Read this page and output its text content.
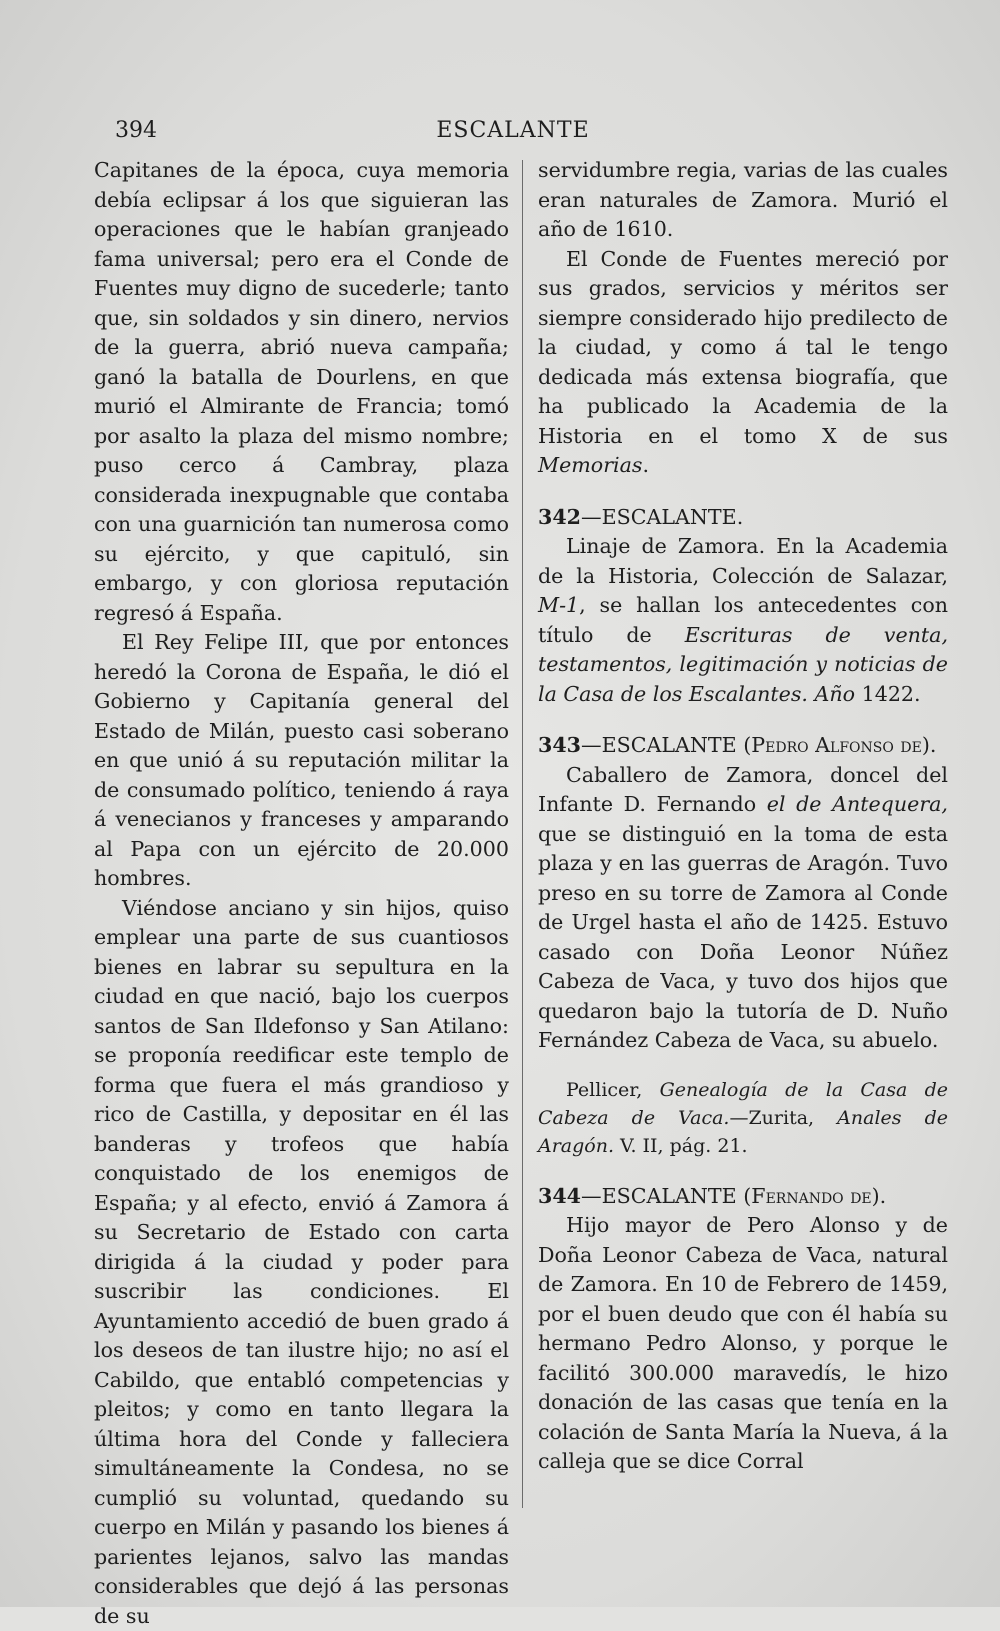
394	ESCALANTE

Capitanes de la época, cuya memoria debía eclipsar á los que siguieran las operaciones que le habían granjeado fama universal; pero era el Conde de Fuentes muy digno de sucederle; tanto que, sin soldados y sin dinero, nervios de la guerra, abrió nueva campaña; ganó la batalla de Dourlens, en que murió el Almirante de Francia; tomó por asalto la plaza del mismo nombre; puso cerco á Cambray, plaza considerada inexpugnable que contaba con una guarnición tan numerosa como su ejército, y que capituló, sin embargo, y con gloriosa reputación regresó á España.

El Rey Felipe III, que por entonces heredó la Corona de España, le dió el Gobierno y Capitanía general del Estado de Milán, puesto casi soberano en que unió á su reputación militar la de consumado político, teniendo á raya á venecianos y franceses y amparando al Papa con un ejército de 20.000 hombres.

Viéndose anciano y sin hijos, quiso emplear una parte de sus cuantiosos bienes en labrar su sepultura en la ciudad en que nació, bajo los cuerpos santos de San Ildefonso y San Atilano: se proponía reedificar este templo de forma que fuera el más grandioso y rico de Castilla, y depositar en él las banderas y trofeos que había conquistado de los enemigos de España; y al efecto, envió á Zamora á su Secretario de Estado con carta dirigida á la ciudad y poder para suscribir las condiciones. El Ayuntamiento accedió de buen grado á los deseos de tan ilustre hijo; no así el Cabildo, que entabló competencias y pleitos; y como en tanto llegara la última hora del Conde y falleciera simultáneamente la Condesa, no se cumplió su voluntad, quedando su cuerpo en Milán y pasando los bienes á parientes lejanos, salvo las mandas considerables que dejó á las personas de su

servidumbre regia, varias de las cuales eran naturales de Zamora. Murió el año de 1610.

El Conde de Fuentes mereció por sus grados, servicios y méritos ser siempre considerado hijo predilecto de la ciudad, y como á tal le tengo dedicada más extensa biografía, que ha publicado la Academia de la Historia en el tomo X de sus Memorias.

342—ESCALANTE.

Linaje de Zamora. En la Academia de la Historia, Colección de Salazar, M-1, se hallan los antecedentes con título de Escrituras de venta, testamentos, legitimación y noticias de la Casa de los Escalantes. Año 1422.

343—ESCALANTE (Pedro Alfonso de).

Caballero de Zamora, doncel del Infante D. Fernando el de Antequera, que se distinguió en la toma de esta plaza y en las guerras de Aragón. Tuvo preso en su torre de Zamora al Conde de Urgel hasta el año de 1425. Estuvo casado con Doña Leonor Núñez Cabeza de Vaca, y tuvo dos hijos que quedaron bajo la tutoría de D. Nuño Fernández Cabeza de Vaca, su abuelo.

Pellicer, Genealogía de la Casa de Cabeza de Vaca.—Zurita, Anales de Aragón. V. II, pág. 21.

344—ESCALANTE (Fernando de).

Hijo mayor de Pero Alonso y de Doña Leonor Cabeza de Vaca, natural de Zamora. En 10 de Febrero de 1459, por el buen deudo que con él había su hermano Pedro Alonso, y porque le facilitó 300.000 maravedís, le hizo donación de las casas que tenía en la colación de Santa María la Nueva, á la calleja que se dice Corral
